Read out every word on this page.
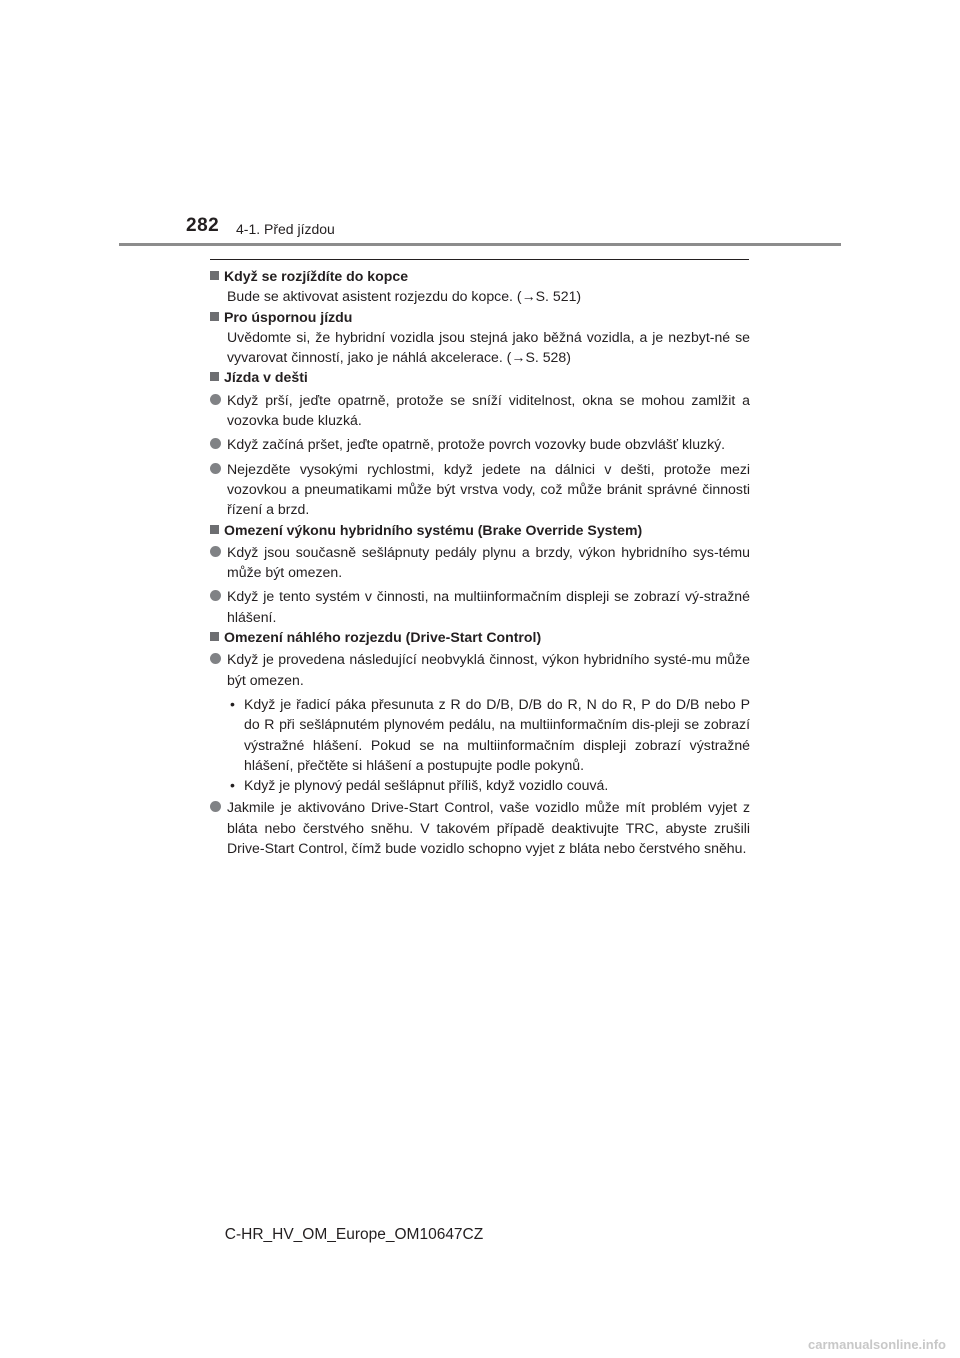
282 4-1. Před jízdou
Když se rozjíždíte do kopce
Bude se aktivovat asistent rozjezdu do kopce. (→S. 521)
Pro úspornou jízdu
Uvědomte si, že hybridní vozidla jsou stejná jako běžná vozidla, a je nezbyt-né se vyvarovat činností, jako je náhlá akcelerace. (→S. 528)
Jízda v dešti
Když prší, jeďte opatrně, protože se sníží viditelnost, okna se mohou zamlžit a vozovka bude kluzká.
Když začíná pršet, jeďte opatrně, protože povrch vozovky bude obzvlášť kluzký.
Nejezděte vysokými rychlostmi, když jedete na dálnici v dešti, protože mezi vozovkou a pneumatikami může být vrstva vody, což může bránit správné činnosti řízení a brzd.
Omezení výkonu hybridního systému (Brake Override System)
Když jsou současně sešlápnuty pedály plynu a brzdy, výkon hybridního sys-tému může být omezen.
Když je tento systém v činnosti, na multiinformačním displeji se zobrazí vý-stražné hlášení.
Omezení náhlého rozjezdu (Drive-Start Control)
Když je provedena následující neobvyklá činnost, výkon hybridního systé-mu může být omezen.
• Když je řadicí páka přesunuta z R do D/B, D/B do R, N do R, P do D/B nebo P do R při sešlápnutém plynovém pedálu, na multiinformačním dis-pleji se zobrazí výstražné hlášení. Pokud se na multiinformačním displeji zobrazí výstražné hlášení, přečtěte si hlášení a postupujte podle pokynů.
• Když je plynový pedál sešlápnut příliš, když vozidlo couvá.
Jakmile je aktivováno Drive-Start Control, vaše vozidlo může mít problém vyjet z bláta nebo čerstvého sněhu. V takovém případě deaktivujte TRC, abyste zrušili Drive-Start Control, čímž bude vozidlo schopno vyjet z bláta nebo čerstvého sněhu.
C-HR_HV_OM_Europe_OM10647CZ
carmanualsonline.info
